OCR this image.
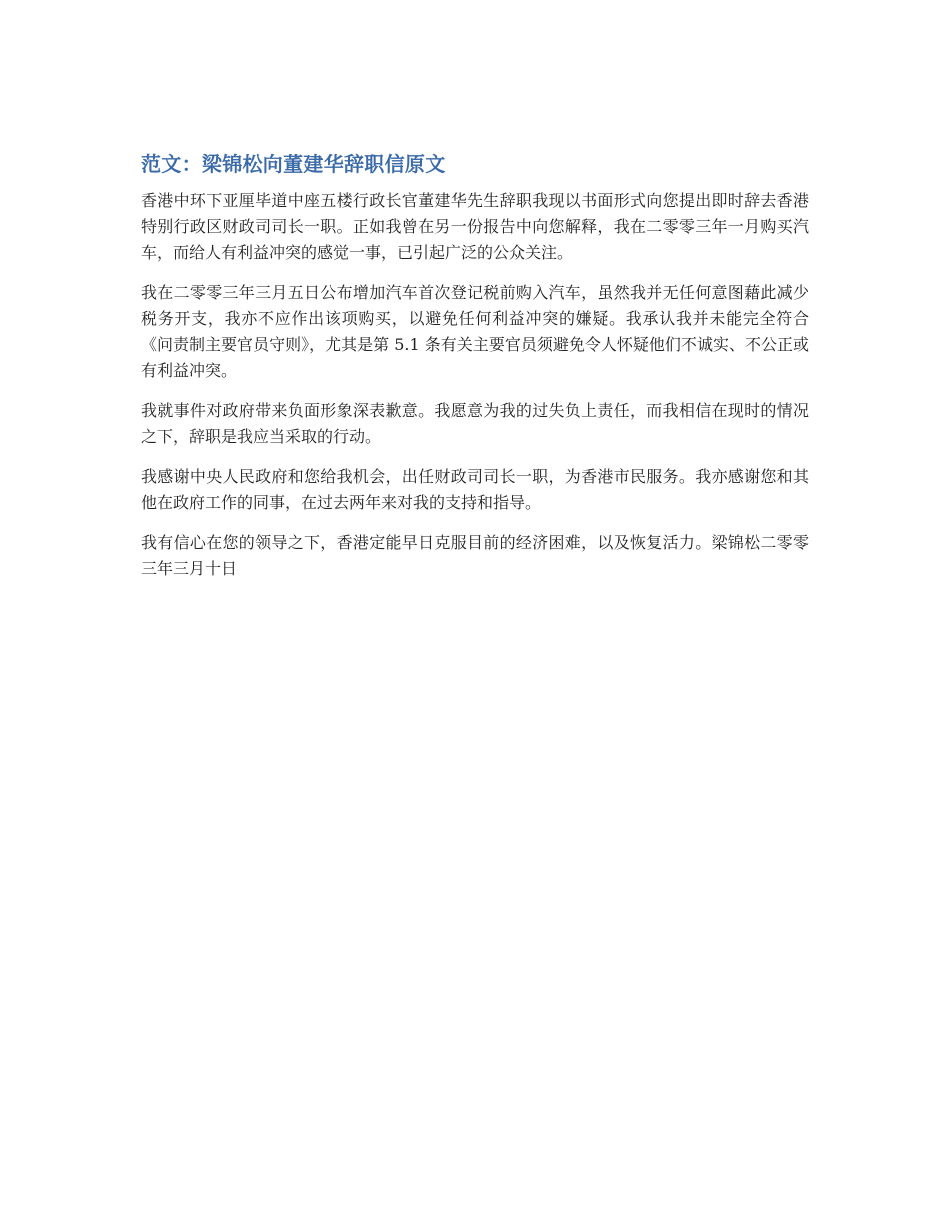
范文：梁锦松向董建华辞职信原文

香港中环下亚厘毕道中座五楼行政长官董建华先生辞职我现以书面形式向您提出即时辞去香港特别行政区财政司司长一职。正如我曾在另一份报告中向您解释，我在二零零三年一月购买汽车，而给人有利益冲突的感觉一事，已引起广泛的公众关注。

我在二零零三年三月五日公布增加汽车首次登记税前购入汽车，虽然我并无任何意图藉此减少税务开支，我亦不应作出该项购买，以避免任何利益冲突的嫌疑。我承认我并未能完全符合《问责制主要官员守则》，尤其是第 5.1 条有关主要官员须避免令人怀疑他们不诚实、不公正或有利益冲突。

我就事件对政府带来负面形象深表歉意。我愿意为我的过失负上责任，而我相信在现时的情况之下，辞职是我应当采取的行动。

我感谢中央人民政府和您给我机会，出任财政司司长一职，为香港市民服务。我亦感谢您和其他在政府工作的同事，在过去两年来对我的支持和指导。

我有信心在您的领导之下，香港定能早日克服目前的经济困难，以及恢复活力。梁锦松二零零三年三月十日
